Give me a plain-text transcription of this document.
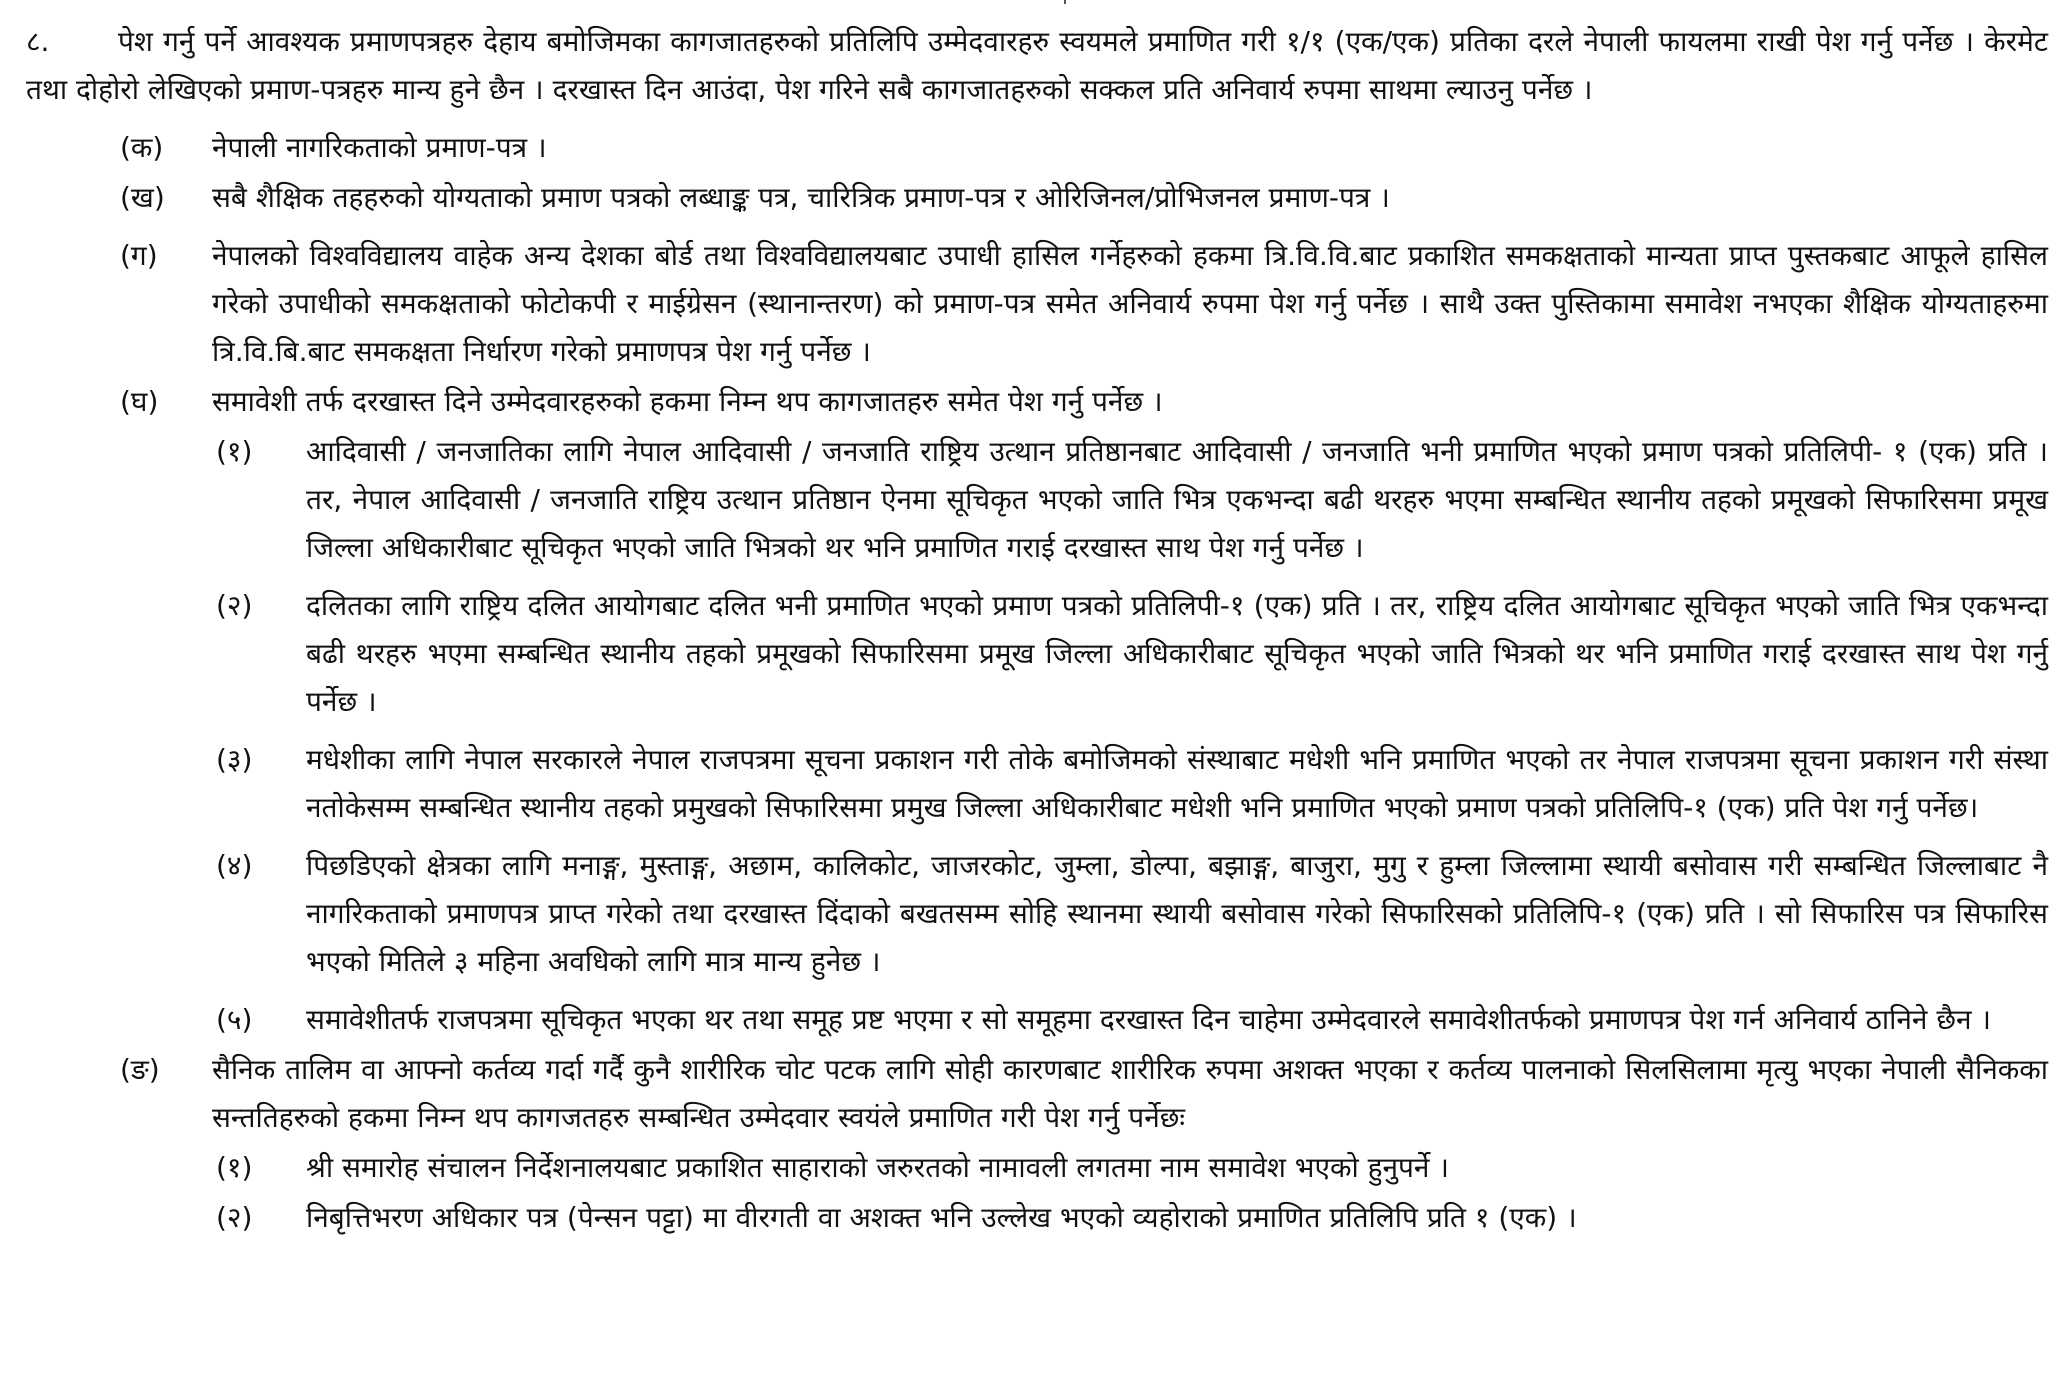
८. पेश गर्नु पर्ने आवश्यक प्रमाणपत्रहरु देहाय बमोजिमका कागजातहरुको प्रतिलिपि उम्मेदवारहरु स्वयमले प्रमाणित गरी १/१ (एक/एक) प्रतिका दरले नेपाली फायलमा राखी पेश गर्नु पर्नेछ । केरमेट तथा दोहोरो लेखिएको प्रमाण-पत्रहरु मान्य हुने छैन । दरखास्त दिन आउंदा, पेश गरिने सबै कागजातहरुको सक्कल प्रति अनिवार्य रुपमा साथमा ल्याउनु पर्नेछ ।

(क) नेपाली नागरिकताको प्रमाण-पत्र ।
(ख) सबै शैक्षिक तहहरुको योग्यताको प्रमाण पत्रको लब्धाङ्क पत्र, चारित्रिक प्रमाण-पत्र र ओरिजिनल/प्रोभिजनल प्रमाण-पत्र ।
(ग) नेपालको विश्वविद्यालय वाहेक अन्य देशका बोर्ड तथा विश्वविद्यालयबाट उपाधी हासिल गर्नेहरुको हकमा त्रि.वि.वि.बाट प्रकाशित समकक्षताको मान्यता प्राप्त पुस्तकबाट आफूले हासिल गरेको उपाधीको समकक्षताको फोटोकपी र माईग्रेसन (स्थानान्तरण) को प्रमाण-पत्र समेत अनिवार्य रुपमा पेश गर्नु पर्नेछ । साथै उक्त पुस्तिकामा समावेश नभएका शैक्षिक योग्यताहरुमा त्रि.वि.बि.बाट समकक्षता निर्धारण गरेको प्रमाणपत्र पेश गर्नु पर्नेछ ।
(घ) समावेशी तर्फ दरखास्त दिने उम्मेदवारहरुको हकमा निम्न थप कागजातहरु समेत पेश गर्नु पर्नेछ ।
(१) आदिवासी / जनजातिका लागि नेपाल आदिवासी / जनजाति राष्ट्रिय उत्थान प्रतिष्ठानबाट आदिवासी / जनजाति भनी प्रमाणित भएको प्रमाण पत्रको प्रतिलिपी- १ (एक) प्रति । तर, नेपाल आदिवासी / जनजाति राष्ट्रिय उत्थान प्रतिष्ठान ऐनमा सूचिकृत भएको जाति भित्र एकभन्दा बढी थरहरु भएमा सम्बन्धित स्थानीय तहको प्रमूखको सिफारिसमा प्रमूख जिल्ला अधिकारीबाट सूचिकृत भएको जाति भित्रको थर भनि प्रमाणित गराई दरखास्त साथ पेश गर्नु पर्नेछ ।
(२) दलितका लागि राष्ट्रिय दलित आयोगबाट दलित भनी प्रमाणित भएको प्रमाण पत्रको प्रतिलिपी-१ (एक) प्रति । तर, राष्ट्रिय दलित आयोगबाट सूचिकृत भएको जाति भित्र एकभन्दा बढी थरहरु भएमा सम्बन्धित स्थानीय तहको प्रमूखको सिफारिसमा प्रमूख जिल्ला अधिकारीबाट सूचिकृत भएको जाति भित्रको थर भनि प्रमाणित गराई दरखास्त साथ पेश गर्नु पर्नेछ ।
(३) मधेशीका लागि नेपाल सरकारले नेपाल राजपत्रमा सूचना प्रकाशन गरी तोके बमोजिमको संस्थाबाट मधेशी भनि प्रमाणित भएको तर नेपाल राजपत्रमा सूचना प्रकाशन गरी संस्था नतोकेसम्म सम्बन्धित स्थानीय तहको प्रमुखको सिफारिसमा प्रमुख जिल्ला अधिकारीबाट मधेशी भनि प्रमाणित भएको प्रमाण पत्रको प्रतिलिपि-१ (एक) प्रति पेश गर्नु पर्नेछ।
(४) पिछडिएको क्षेत्रका लागि मनाङ्ग, मुस्ताङ्ग, अछाम, कालिकोट, जाजरकोट, जुम्ला, डोल्पा, बझाङ्ग, बाजुरा, मुगु र हुम्ला जिल्लामा स्थायी बसोवास गरी सम्बन्धित जिल्लाबाट नै नागरिकताको प्रमाणपत्र प्राप्त गरेको तथा दरखास्त दिंदाको बखतसम्म सोहि स्थानमा स्थायी बसोवास गरेको सिफारिसको प्रतिलिपि-१ (एक) प्रति । सो सिफारिस पत्र सिफारिस भएको मितिले ३ महिना अवधिको लागि मात्र मान्य हुनेछ ।
(५) समावेशीतर्फ राजपत्रमा सूचिकृत भएका थर तथा समूह प्रष्ट भएमा र सो समूहमा दरखास्त दिन चाहेमा उम्मेदवारले समावेशीतर्फको प्रमाणपत्र पेश गर्न अनिवार्य ठानिने छैन ।
(ङ) सैनिक तालिम वा आफ्नो कर्तव्य गर्दा गर्दै कुनै शारीरिक चोट पटक लागि सोही कारणबाट शारीरिक रुपमा अशक्त भएका र कर्तव्य पालनाको सिलसिलामा मृत्यु भएका नेपाली सैनिकका सन्ततिहरुको हकमा निम्न थप कागजतहरु सम्बन्धित उम्मेदवार स्वयंले प्रमाणित गरी पेश गर्नु पर्नेछः
(१) श्री समारोह संचालन निर्देशनालयबाट प्रकाशित साहाराको जरुरतको नामावली लगतमा नाम समावेश भएको हुनुपर्ने ।
(२) निबृत्तिभरण अधिकार पत्र (पेन्सन पट्टा) मा वीरगती वा अशक्त भनि उल्लेख भएको व्यहोराको प्रमाणित प्रतिलिपि प्रति १ (एक) ।
